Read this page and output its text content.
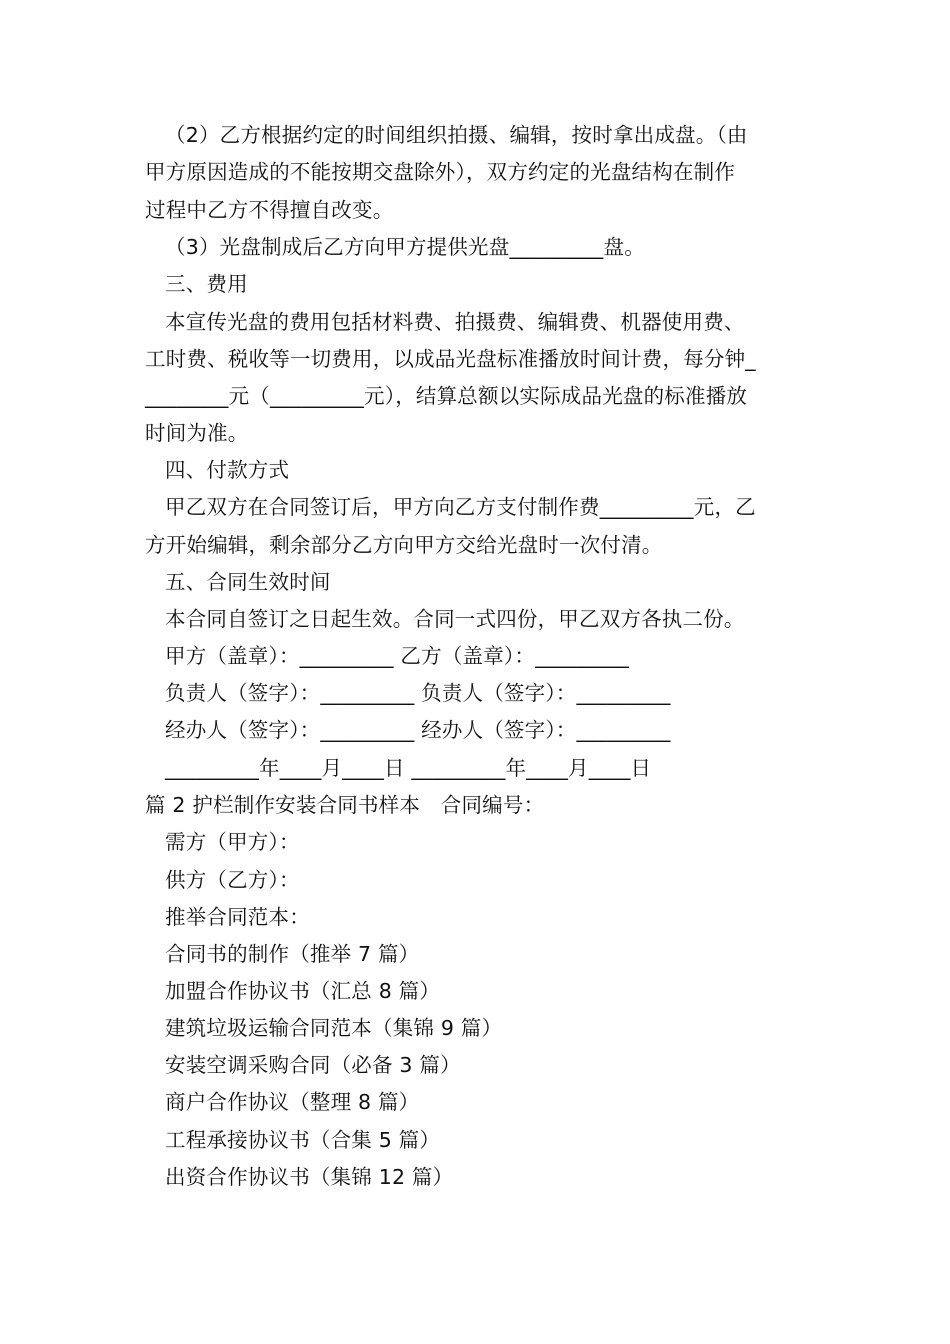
（2）乙方根据约定的时间组织拍摄、编辑，按时拿出成盘。（由
甲方原因造成的不能按期交盘除外），双方约定的光盘结构在制作
过程中乙方不得擅自改变。
（3）光盘制成后乙方向甲方提供光盘_________盘。
三、费用
本宣传光盘的费用包括材料费、拍摄费、编辑费、机器使用费、
工时费、税收等一切费用，以成品光盘标准播放时间计费，每分钟_
________元（_________元），结算总额以实际成品光盘的标准播放
时间为准。
四、付款方式
甲乙双方在合同签订后，甲方向乙方支付制作费_________元，乙
方开始编辑，剩余部分乙方向甲方交给光盘时一次付清。
五、合同生效时间
本合同自签订之日起生效。合同一式四份，甲乙双方各执二份。
甲方（盖章）：_________ 乙方（盖章）：_________
负责人（签字）：_________ 负责人（签字）：_________
经办人（签字）：_________ 经办人（签字）：_________
_________年____月____日 _________年____月____日
篇 2 护栏制作安装合同书样本　合同编号：
需方（甲方）：
供方（乙方）：
推举合同范本：
合同书的制作（推举 7 篇）
加盟合作协议书（汇总 8 篇）
建筑垃圾运输合同范本（集锦 9 篇）
安装空调采购合同（必备 3 篇）
商户合作协议（整理 8 篇）
工程承接协议书（合集 5 篇）
出资合作协议书（集锦 12 篇）
